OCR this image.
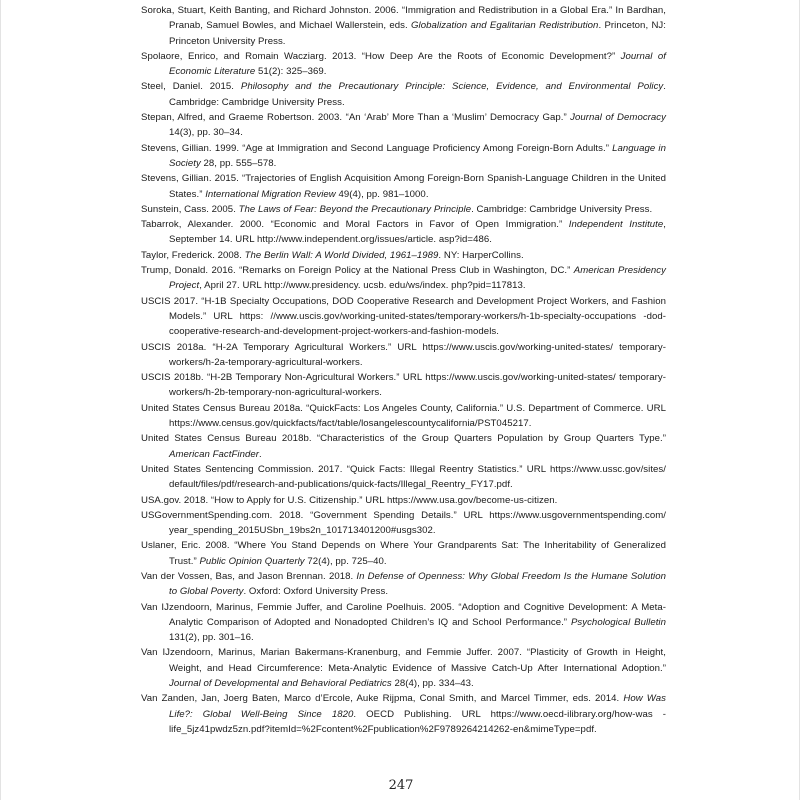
Soroka, Stuart, Keith Banting, and Richard Johnston. 2006. “Immigration and Redistribution in a Global Era.” In Bardhan, Pranab, Samuel Bowles, and Michael Wallerstein, eds. Globalization and Egalitarian Redistribution. Princeton, NJ: Princeton University Press.

Spolaore, Enrico, and Romain Wacziarg. 2013. “How Deep Are the Roots of Economic Development?” Journal of Economic Literature 51(2): 325–369.

Steel, Daniel. 2015. Philosophy and the Precautionary Principle: Science, Evidence, and Environmental Policy. Cambridge: Cambridge University Press.

Stepan, Alfred, and Graeme Robertson. 2003. “An ‘Arab’ More Than a ‘Muslim’ Democracy Gap.” Journal of Democracy 14(3), pp. 30–34.

Stevens, Gillian. 1999. “Age at Immigration and Second Language Proficiency Among Foreign-Born Adults.” Language in Society 28, pp. 555–578.

Stevens, Gillian. 2015. “Trajectories of English Acquisition Among Foreign-Born Spanish-Language Children in the United States.” International Migration Review 49(4), pp. 981–1000.

Sunstein, Cass. 2005. The Laws of Fear: Beyond the Precautionary Principle. Cambridge: Cambridge University Press.

Tabarrok, Alexander. 2000. “Economic and Moral Factors in Favor of Open Immigration.” Independent Institute, September 14. URL http://www.independent.org/issues/article. asp?id=486.

Taylor, Frederick. 2008. The Berlin Wall: A World Divided, 1961–1989. NY: HarperCollins.

Trump, Donald. 2016. “Remarks on Foreign Policy at the National Press Club in Washington, DC.” American Presidency Project, April 27. URL http://www.presidency. ucsb. edu/ws/index. php?pid=117813.

USCIS 2017. “H-1B Specialty Occupations, DOD Cooperative Research and Development Project Workers, and Fashion Models.” URL https: //www.uscis.gov/working-united-states/temporary-workers/h-1b-specialty-occupations -dod-cooperative-research-and-development-project-workers-and-fashion-models.

USCIS 2018a. “H-2A Temporary Agricultural Workers.” URL https://www.uscis.gov/working-united-states/ temporary-workers/h-2a-temporary-agricultural-workers.

USCIS 2018b. “H-2B Temporary Non-Agricultural Workers.” URL https://www.uscis.gov/working-united-states/ temporary-workers/h-2b-temporary-non-agricultural-workers.

United States Census Bureau 2018a. “QuickFacts: Los Angeles County, California.” U.S. Department of Commerce. URL https://www.census.gov/quickfacts/fact/table/losangelescountycalifornia/PST045217.

United States Census Bureau 2018b. “Characteristics of the Group Quarters Population by Group Quarters Type.” American FactFinder.

United States Sentencing Commission. 2017. “Quick Facts: Illegal Reentry Statistics.” URL https://www.ussc.gov/sites/ default/files/pdf/research-and-publications/quick-facts/Illegal_Reentry_FY17.pdf.

USA.gov. 2018. “How to Apply for U.S. Citizenship.” URL https://www.usa.gov/become-us-citizen.

USGovernmentSpending.com. 2018. “Government Spending Details.” URL https://www.usgovernmentspending.com/ year_spending_2015USbn_19bs2n_101713401200#usgs302.

Uslaner, Eric. 2008. “Where You Stand Depends on Where Your Grandparents Sat: The Inheritability of Generalized Trust.” Public Opinion Quarterly 72(4), pp. 725–40.

Van der Vossen, Bas, and Jason Brennan. 2018. In Defense of Openness: Why Global Freedom Is the Humane Solution to Global Poverty. Oxford: Oxford University Press.

Van IJzendoorn, Marinus, Femmie Juffer, and Caroline Poelhuis. 2005. “Adoption and Cognitive Development: A Meta-Analytic Comparison of Adopted and Nonadopted Children’s IQ and School Performance.” Psychological Bulletin 131(2), pp. 301–16.

Van IJzendoorn, Marinus, Marian Bakermans-Kranenburg, and Femmie Juffer. 2007. “Plasticity of Growth in Height, Weight, and Head Circumference: Meta-Analytic Evidence of Massive Catch-Up After International Adoption.” Journal of Developmental and Behavioral Pediatrics 28(4), pp. 334–43.

Van Zanden, Jan, Joerg Baten, Marco d’Ercole, Auke Rijpma, Conal Smith, and Marcel Timmer, eds. 2014. How Was Life?: Global Well-Being Since 1820. OECD Publishing. URL https://www.oecd-ilibrary.org/how-was -life_5jz41pwdz5zn.pdf?itemId=%2Fcontent%2Fpublication%2F9789264214262-en&mimeType=pdf.

247
